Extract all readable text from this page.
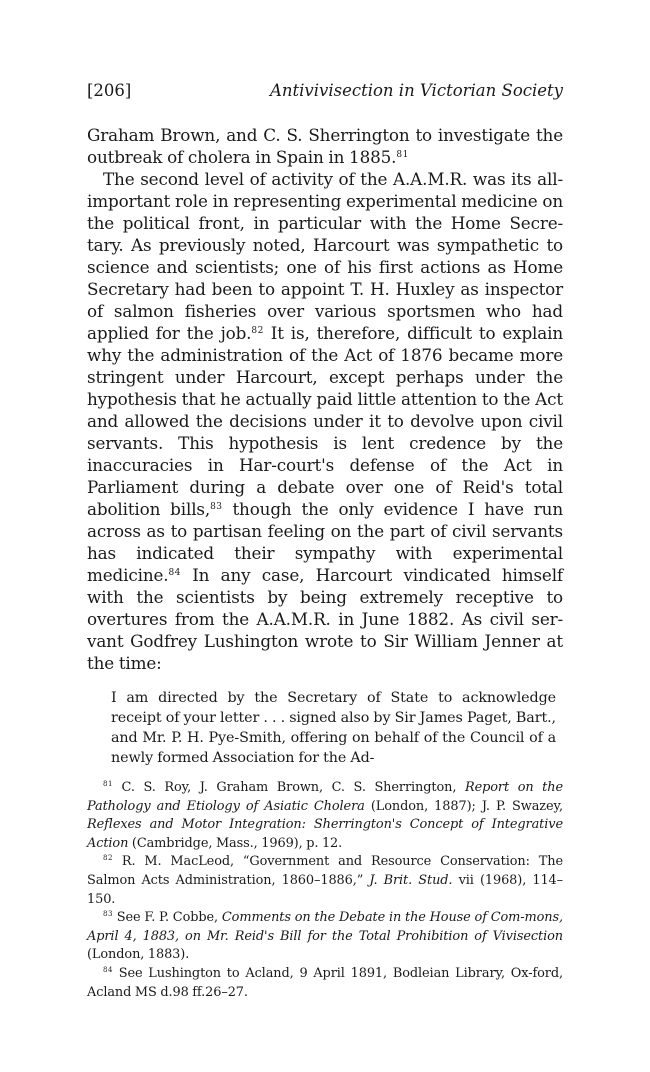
[206]	Antivivisection in Victorian Society

Graham Brown, and C. S. Sherrington to investigate the outbreak of cholera in Spain in 1885.81

The second level of activity of the A.A.M.R. was its all-important role in representing experimental medicine on the political front, in particular with the Home Secre-tary. As previously noted, Harcourt was sympathetic to science and scientists; one of his first actions as Home Secretary had been to appoint T. H. Huxley as inspector of salmon fisheries over various sportsmen who had applied for the job.$^{82}$ It is, therefore, difficult to explain why the administration of the Act of 1876 became more stringent under Harcourt, except perhaps under the hypothesis that he actually paid little attention to the Act and allowed the decisions under it to devolve upon civil servants. This hypothesis is lent credence by the inaccuracies in Har-court's defense of the Act in Parliament during a debate over one of Reid's total abolition bills,$^{83}$ though the only evidence I have run across as to partisan feeling on the part of civil servants has indicated their sympathy with experimental medicine.$^{84}$ In any case, Harcourt vindicated himself with the scientists by being extremely receptive to overtures from the A.A.M.R. in June 1882. As civil ser-vant Godfrey Lushington wrote to Sir William Jenner at the time:

I am directed by the Secretary of State to acknowledge receipt of your letter . . . signed also by Sir James Paget, Bart., and Mr. P. H. Pye-Smith, offering on behalf of the Council of a newly formed Association for the Ad-

$^{81}$ C. S. Roy, J. Graham Brown, C. S. Sherrington, Report on the Pathology and Etiology of Asiatic Cholera (London, 1887); J. P. Swazey, Reflexes and Motor Integration: Sherrington's Concept of Integrative Action (Cambridge, Mass., 1969), p. 12.

$^{82}$ R. M. MacLeod, “Government and Resource Conservation: The Salmon Acts Administration, 1860–1886,” J. Brit. Stud. vii (1968), 114–150.

$^{83}$ See F. P. Cobbe, Comments on the Debate in the House of Com-mons, April 4, 1883, on Mr. Reid's Bill for the Total Prohibition of Vivisection (London, 1883).

$^{84}$ See Lushington to Acland, 9 April 1891, Bodleian Library, Ox-ford, Acland MS d.98 ff.26–27.
